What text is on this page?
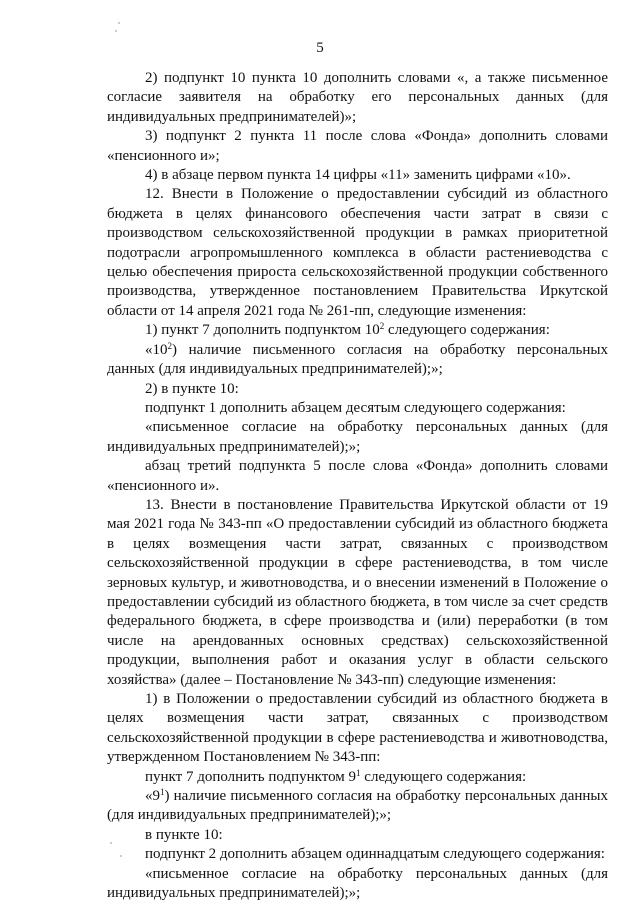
5

2) подпункт 10 пункта 10 дополнить словами «, а также письменное согласие заявителя на обработку его персональных данных (для индивидуальных предпринимателей)»;

3) подпункт 2 пункта 11 после слова «Фонда» дополнить словами «пенсионного и»;

4) в абзаце первом пункта 14 цифры «11» заменить цифрами «10».

12. Внести в Положение о предоставлении субсидий из областного бюджета в целях финансового обеспечения части затрат в связи с производством сельскохозяйственной продукции в рамках приоритетной подотрасли агропромышленного комплекса в области растениеводства с целью обеспечения прироста сельскохозяйственной продукции собственного производства, утвержденное постановлением Правительства Иркутской области от 14 апреля 2021 года № 261-пп, следующие изменения:

1) пункт 7 дополнить подпунктом $10^2$ следующего содержания:

«$10^2$) наличие письменного согласия на обработку персональных данных (для индивидуальных предпринимателей);»;

2) в пункте 10:

подпункт 1 дополнить абзацем десятым следующего содержания:

«письменное согласие на обработку персональных данных (для индивидуальных предпринимателей);»;

абзац третий подпункта 5 после слова «Фонда» дополнить словами «пенсионного и».

13. Внести в постановление Правительства Иркутской области от 19 мая 2021 года № 343-пп «О предоставлении субсидий из областного бюджета в целях возмещения части затрат, связанных с производством сельскохозяйственной продукции в сфере растениеводства, в том числе зерновых культур, и животноводства, и о внесении изменений в Положение о предоставлении субсидий из областного бюджета, в том числе за счет средств федерального бюджета, в сфере производства и (или) переработки (в том числе на арендованных основных средствах) сельскохозяйственной продукции, выполнения работ и оказания услуг в области сельского хозяйства» (далее – Постановление № 343-пп) следующие изменения:

1) в Положении о предоставлении субсидий из областного бюджета в целях возмещения части затрат, связанных с производством сельскохозяйственной продукции в сфере растениеводства и животноводства, утвержденном Постановлением № 343-пп:

пункт 7 дополнить подпунктом $9^1$ следующего содержания:

«$9^1$) наличие письменного согласия на обработку персональных данных (для индивидуальных предпринимателей);»;

в пункте 10:

подпункт 2 дополнить абзацем одиннадцатым следующего содержания:

«письменное согласие на обработку персональных данных (для индивидуальных предпринимателей);»;
